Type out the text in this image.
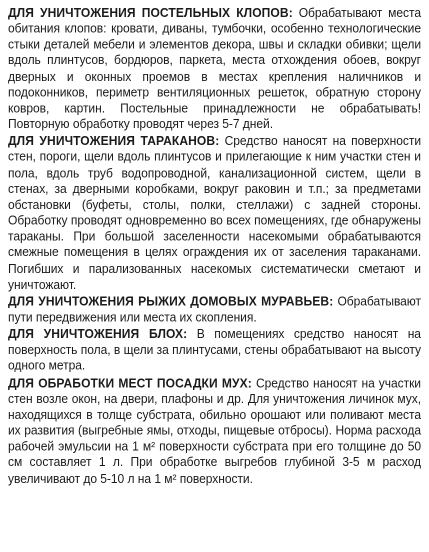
ДЛЯ УНИЧТОЖЕНИЯ ПОСТЕЛЬНЫХ КЛОПОВ: Обрабатывают места обитания клопов: кровати, диваны, тумбочки, особенно технологические стыки деталей мебели и элементов декора, швы и складки обивки; щели вдоль плинтусов, бордюров, паркета, места отхождения обоев, вокруг дверных и оконных проемов в местах крепления наличников и подоконников, периметр вентиляционных решеток, обратную сторону ковров, картин. Постельные принадлежности не обрабатывать! Повторную обработку проводят через 5-7 дней.

ДЛЯ УНИЧТОЖЕНИЯ ТАРАКАНОВ: Средство наносят на поверхности стен, пороги, щели вдоль плинтусов и прилегающие к ним участки стен и пола, вдоль труб водопроводной, канализационной систем, щели в стенах, за дверными коробками, вокруг раковин и т.п.; за предметами обстановки (буфеты, столы, полки, стеллажи) с задней стороны. Обработку проводят одновременно во всех помещениях, где обнаружены тараканы. При большой заселенности насекомыми обрабатываются смежные помещения в целях ограждения их от заселения тараканами. Погибших и парализованных насекомых систематически сметают и уничтожают.

ДЛЯ УНИЧТОЖЕНИЯ РЫЖИХ ДОМОВЫХ МУРАВЬЕВ: Обрабатывают пути передвижения или места их скопления.

ДЛЯ УНИЧТОЖЕНИЯ БЛОХ: В помещениях средство наносят на поверхность пола, в щели за плинтусами, стены обрабатывают на высоту одного метра.

ДЛЯ ОБРАБОТКИ МЕСТ ПОСАДКИ МУХ: Средство наносят на участки стен возле окон, на двери, плафоны и др. Для уничтожения личинок мух, находящихся в толще субстрата, обильно орошают или поливают места их развития (выгребные ямы, отходы, пищевые отбросы). Норма расхода рабочей эмульсии на 1 м² поверхности субстрата при его толщине до 50 см составляет 1 л. При обработке выгребов глубиной 3-5 м расход увеличивают до 5-10 л на 1 м² поверхности.
